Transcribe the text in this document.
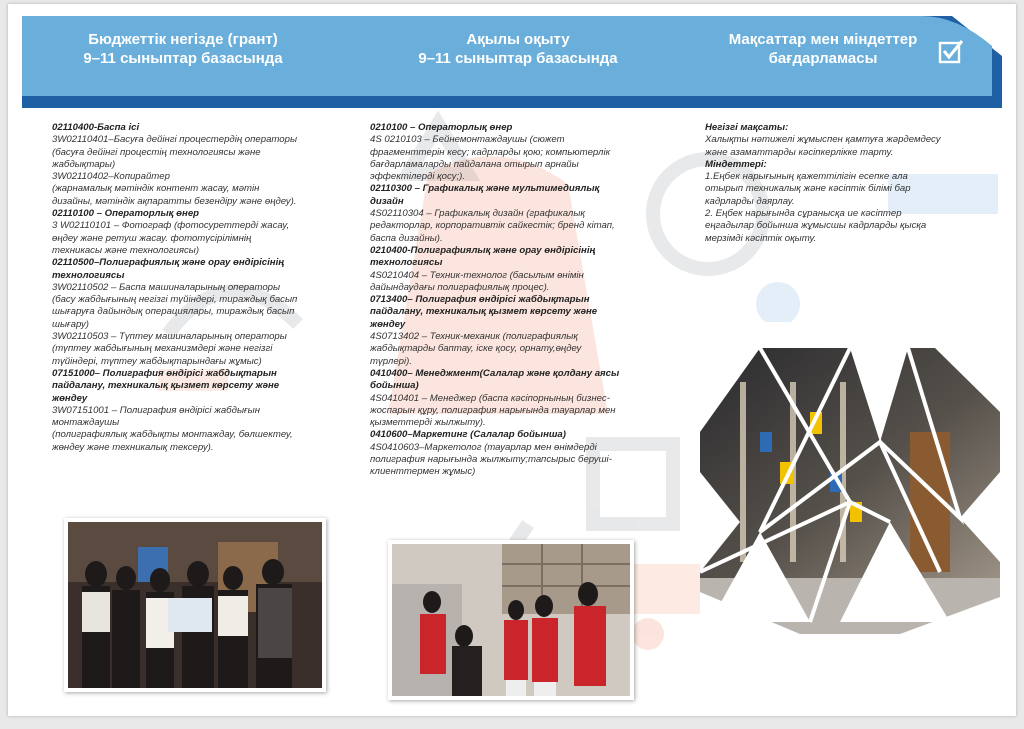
Бюджеттік негізде (грант)
9–11 сыныптар базасында
Ақылы оқыту
9–11 сыныптар базасында
Мақсаттар мен міндеттер
бағдарламасы
02110400-Баспа ісі
3W02110401–Басуға дейінгі процестердің операторы
(басуға дейінгі процестің технологиясы және
жабдықтары)
3W02110402–Копирайтер
(жарнамалық мәтіндік контент жасау, мәтін
дизайны, мәтіндік ақпаратты безендіру және өңдеу).
02110100 – Операторлық өнер
3 W02110101 – Фотограф (фотосуреттерді жасау,
өңдеу және ретуш жасау. фототүсірілімнің
техникасы және технологиясы)
02110500–Полиграфиялық және орау өндірісінің
технологиясы
3W02110502 – Баспа машиналарының операторы
(басу жабдығының негізгі түйіндері, тираждық басып
шығаруға дайындық операциялары, тираждық басып
шығару)
3W02110503 – Түптеу машиналарының операторы
(түптеу жабдығының механизмдері және негізгі
түйіндері, түптеу жабдықтарындағы жұмыс)
07151000– Полиграфия өндірісі жабдықтарын
пайдалану, техникалық қызмет көрсету және
жөндеу
3W07151001 – Полиграфия өндірісі жабдығын
монтаждаушы
(полиграфиялық жабдықты монтаждау, бөлшектеу,
жөндеу және техникалық тексеру).
0210100 – Операторлық өнер
4S 0210103 – Бейнемонтаждаушы (сюжет
фрагменттерін кесу; кадрларды қою; компьютерлік
бағдарламаларды пайдалана отырып арнайы
эффектілерді қосу;).
02110300 – Графикалық және мультимедиялық
дизайн
4S02110304 – Графикалық дизайн (графикалық
редакторлар, корпоративтік сайкестік; бренд кітап,
баспа дизайны).
0210400-Полиграфиялық және орау өндірісінің
технологиясы
4S0210404 – Техник-технолог (басылым өнімін
дайындаудағы полиграфиялық процес).
0713400– Полиграфия өндірісі жабдықтарын
пайдалану, техникалық қызмет көрсету және
жөндеу
4S0713402 – Техник-механик (полиграфиялық
жабдықтарды баптау, іске қосу, орнату,өңдеу
түрлері).
0410400– Менеджмент(Салалар және қолдану аясы
бойынша)
4S0410401 – Менеджер (баспа кәсіпорнының бизнес-
жоспарын құру, полиграфия нарығында тауарлар мен
қызметтерді жылжыту).
0410600–Маркетинг (Салалар бойынша)
4S0410603–Маркетолог (тауарлар мен өнімдерді
полиграфия нарығында жылжыту;тапсырыс беруші-
клиенттермен жұмыс)
Негізгі мақсаты:
Халықты нәтижелі жұмыспен қамтуға жәрдемдесу
және азаматтарды кәсіпкерлікке тарту.
Міндеттері:
1.Еңбек нарығының қажеттілігін есепке ала
отырып техникалық және кәсіптік білімі бар
кадрларды даярлау.
2. Еңбек нарығында сұранысқа ие кәсіптер
еңгадылар бойынша жұмысшы кадрларды қысқа
мерзімді кәсіптік оқыту.
